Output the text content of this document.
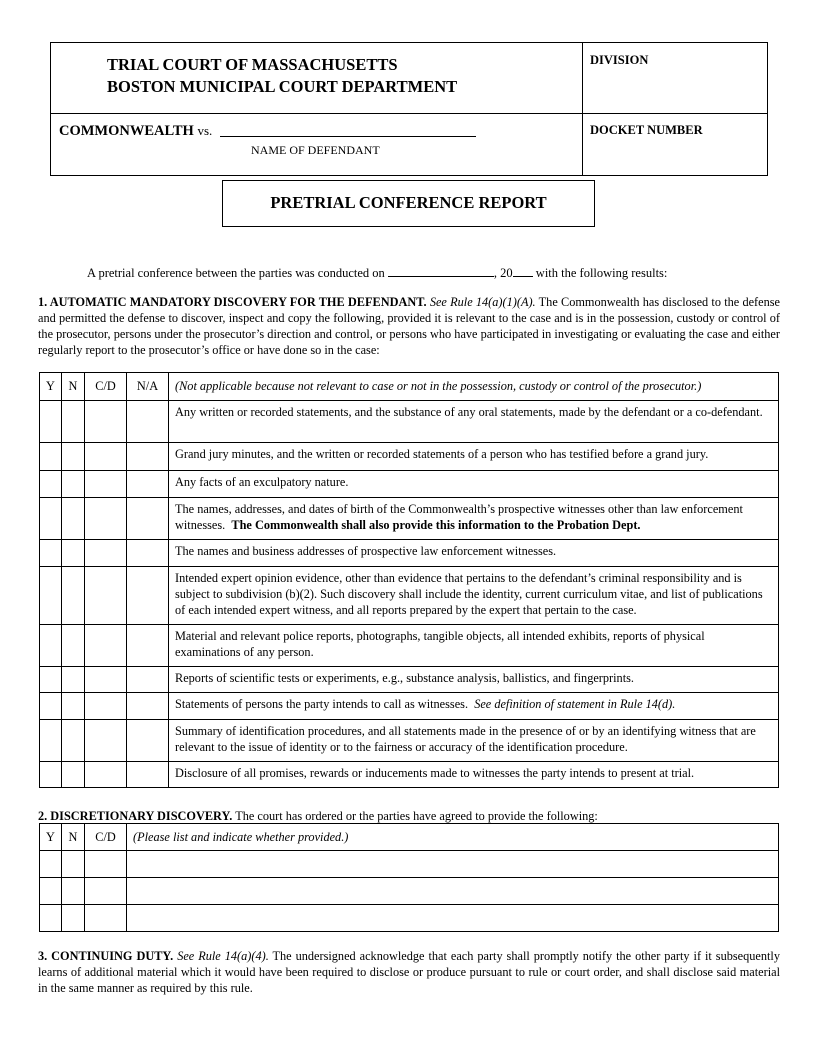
TRIAL COURT OF MASSACHUSETTS
BOSTON MUNICIPAL COURT DEPARTMENT
DIVISION
DOCKET NUMBER
COMMONWEALTH vs.
NAME OF DEFENDANT
PRETRIAL CONFERENCE REPORT
A pretrial conference between the parties was conducted on	, 20 with the following results:
1. AUTOMATIC MANDATORY DISCOVERY FOR THE DEFENDANT. See Rule 14(a)(1)(A). The Commonwealth has disclosed to the defense and permitted the defense to discover, inspect and copy the following, provided it is relevant to the case and is in the possession, custody or control of the prosecutor, persons under the prosecutor’s direction and control, or persons who have participated in investigating or evaluating the case and either regularly report to the prosecutor’s office or have done so in the case:
Y	N	C/D	N/A	(Not applicable because not relevant to case or not in the possession, custody or control of the prosecutor.)
				Any written or recorded statements, and the substance of any oral statements, made by the defendant or a co-defendant.
				Grand jury minutes, and the written or recorded statements of a person who has testified before a grand jury.
				Any facts of an exculpatory nature.
				The names, addresses, and dates of birth of the Commonwealth’s prospective witnesses other than law enforcement witnesses. The Commonwealth shall also provide this information to the Probation Dept.
				The names and business addresses of prospective law enforcement witnesses.
				Intended expert opinion evidence, other than evidence that pertains to the defendant’s criminal responsibility and is subject to subdivision (b)(2). Such discovery shall include the identity, current curriculum vitae, and list of publications of each intended expert witness, and all reports prepared by the expert that pertain to the case.
				Material and relevant police reports, photographs, tangible objects, all intended exhibits, reports of physical examinations of any person.
				Reports of scientific tests or experiments, e.g., substance analysis, ballistics, and fingerprints.
				Statements of persons the party intends to call as witnesses. See definition of statement in Rule 14(d).
				Summary of identification procedures, and all statements made in the presence of or by an identifying witness that are relevant to the issue of identity or to the fairness or accuracy of the identification procedure.
				Disclosure of all promises, rewards or inducements made to witnesses the party intends to present at trial.
2. DISCRETIONARY DISCOVERY. The court has ordered or the parties have agreed to provide the following:
Y	N	C/D	(Please list and indicate whether provided.)

3. CONTINUING DUTY. See Rule 14(a)(4). The undersigned acknowledge that each party shall promptly notify the other party if it subsequently learns of additional material which it would have been required to disclose or produce pursuant to rule or court order, and shall disclose said material in the same manner as required by this rule.
